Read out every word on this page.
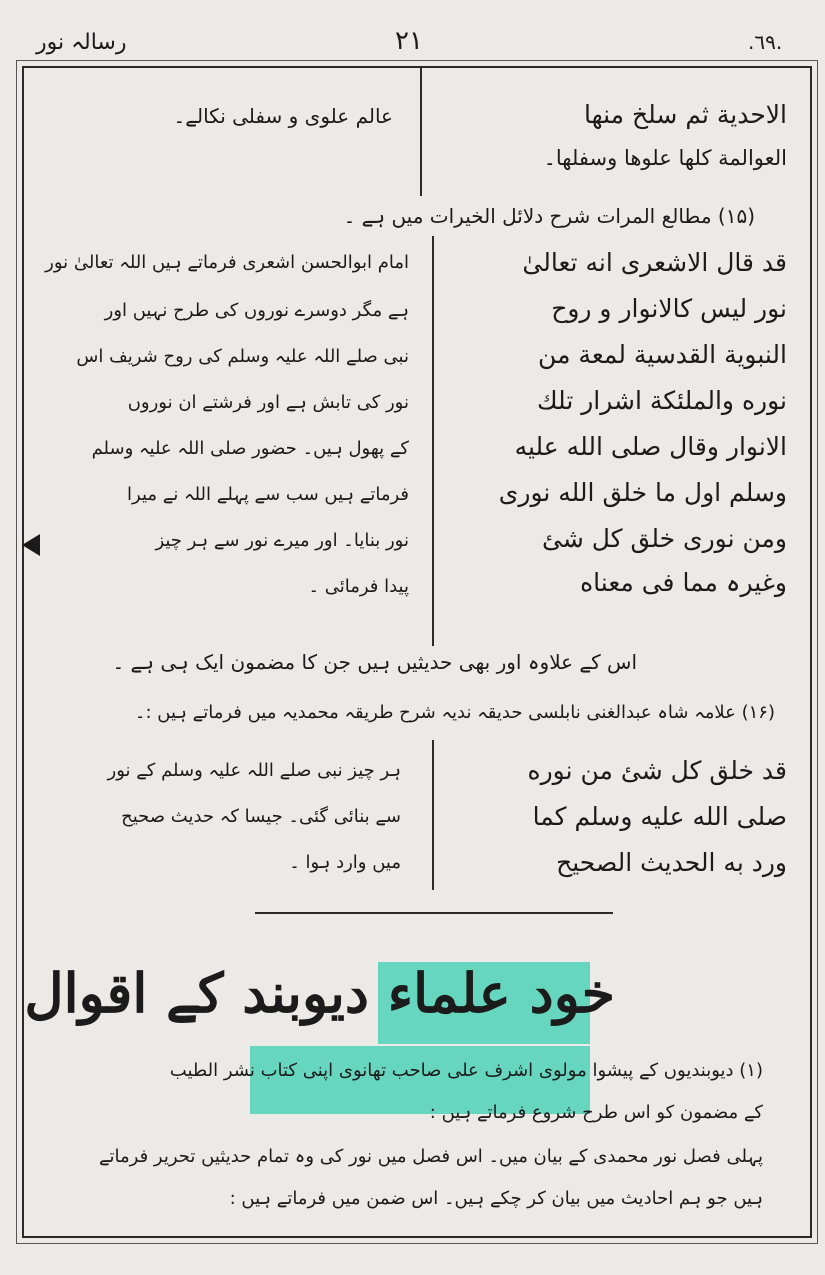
رسالہ نور	۲۱	.٦٩.
الاحدية ثم سلخ منها
العوالمة كلها علوها وسفلها۔
عالم علوی و سفلی نکالے۔
(۱۵) مطالع المرات شرح دلائل الخیرات میں ہے ۔
قد قال الاشعری انه تعالیٰ
نور لیس کالانوار و روح
النبوية القدسية لمعة من
نوره والملئكة اشرار تلك
الانوار وقال صلی الله عليه
وسلم اول ما خلق الله نوری
ومن نوری خلق كل شئ
وغیرہ مما فی معناه
امام ابوالحسن اشعری فرماتے ہیں اللہ تعالیٰ نور
ہے مگر دوسرے نوروں کی طرح نہیں اور
نبی صلے اللہ علیہ وسلم کی روح شریف اس
نور کی تابش ہے اور فرشتے ان نوروں
کے پھول ہیں۔ حضور صلی اللہ علیہ وسلم
فرماتے ہیں سب سے پہلے اللہ نے میرا
نور بنایا۔ اور میرے نور سے ہر چیز
پیدا فرمائی ۔
اس کے علاوہ اور بھی حدیثیں ہیں جن کا مضمون ایک ہی ہے ۔
(۱۶) علامہ شاہ عبدالغنی نابلسی حدیقہ ندیہ شرح طریقہ محمدیہ میں فرماتے ہیں :۔
قد خلق كل شئ من نوره
صلی الله عليه وسلم كما
ورد به الحديث الصحيح
ہر چیز نبی صلے اللہ علیہ وسلم کے نور
سے بنائی گئی۔ جیسا کہ حدیث صحیح
میں وارد ہوا ۔
خود علماء دیوبند کے اقوال
(۱) دیوبندیوں کے پیشوا مولوی اشرف علی صاحب تھانوی اپنی کتاب نشر الطیب
کے مضمون کو اس طرح شروع فرماتے ہیں :
پہلی فصل نور محمدی کے بیان میں۔ اس فصل میں نور کی وہ تمام حدیثیں تحریر فرماتے
ہیں جو ہم احادیث میں بیان کر چکے ہیں۔ اس ضمن میں فرماتے ہیں :
